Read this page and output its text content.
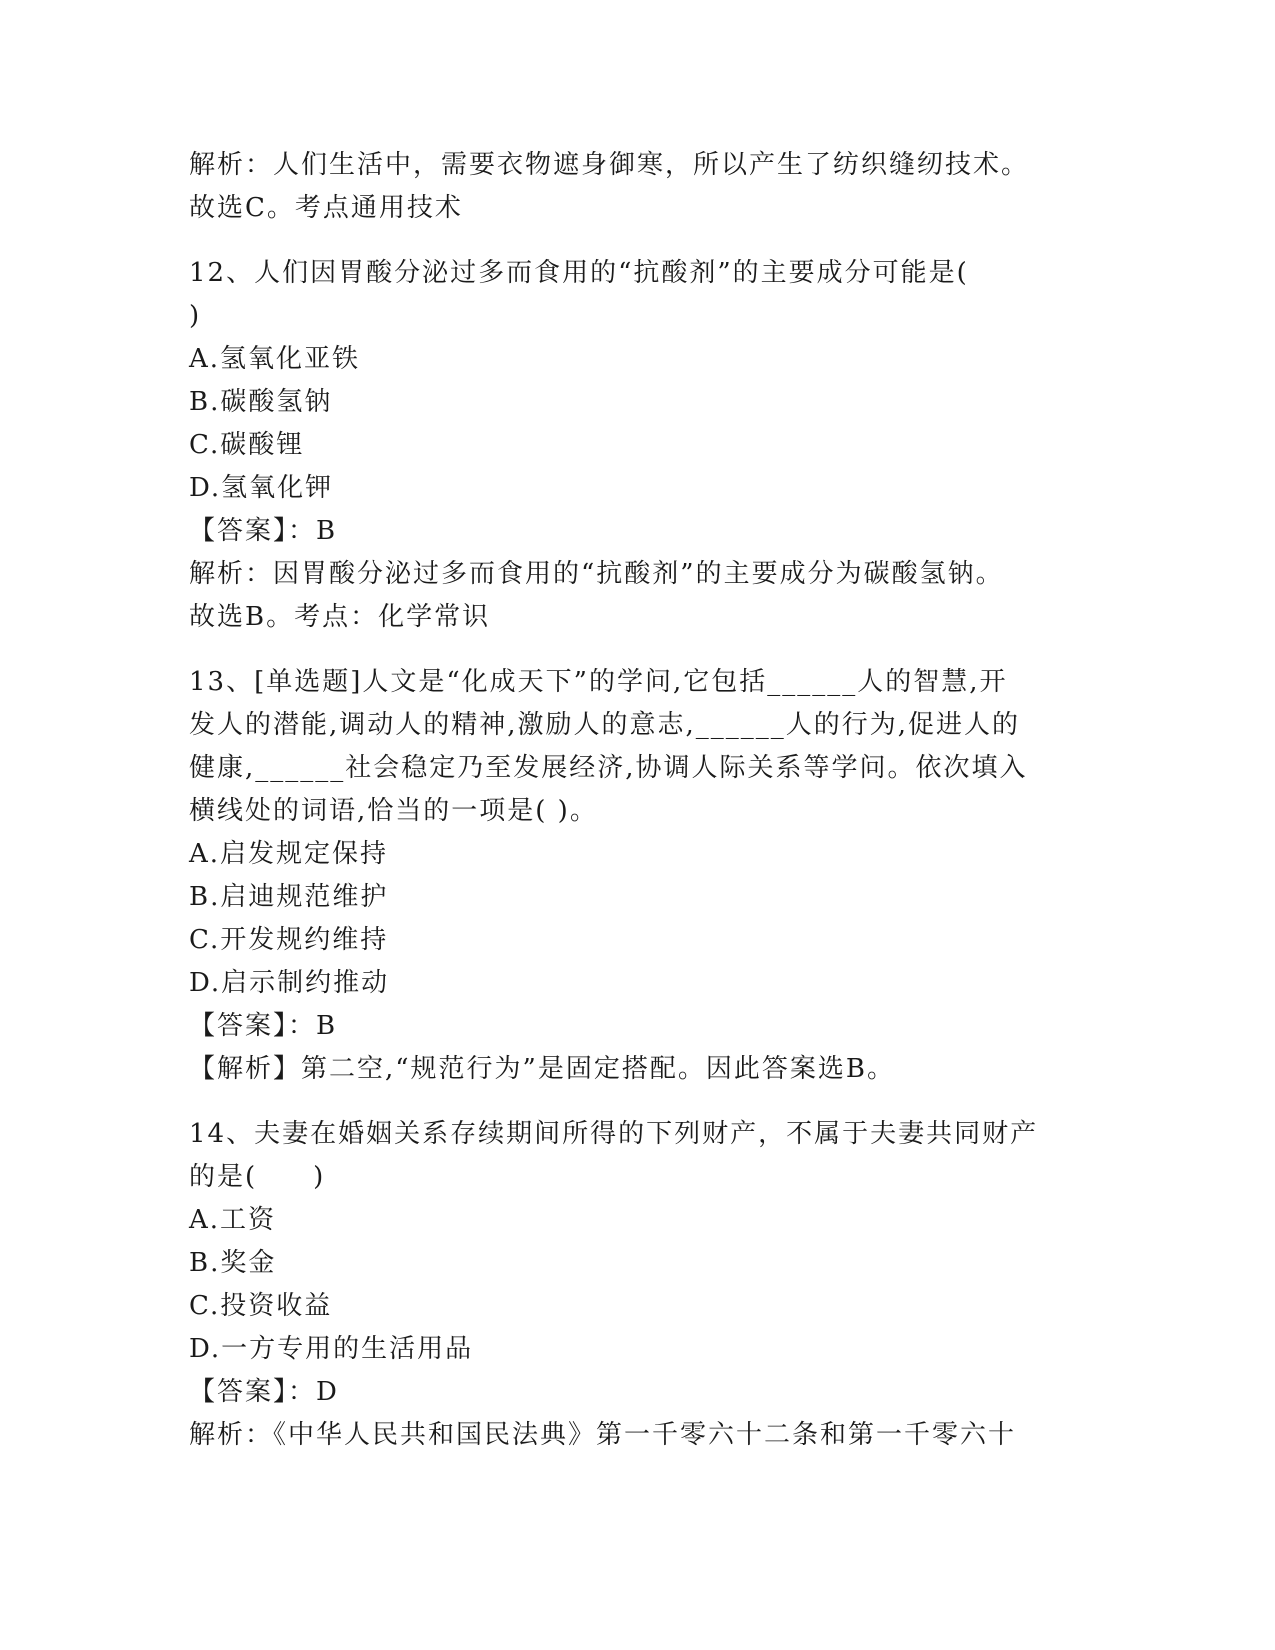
解析：人们生活中，需要衣物遮身御寒，所以产生了纺织缝纫技术。
故选C。考点通用技术
12、人们因胃酸分泌过多而食用的“抗酸剂”的主要成分可能是(
)
A.氢氧化亚铁
B.碳酸氢钠
C.碳酸锂
D.氢氧化钾
【答案】：B
解析：因胃酸分泌过多而食用的“抗酸剂”的主要成分为碳酸氢钠。
故选B。考点：化学常识
13、[单选题]人文是“化成天下”的学问,它包括______人的智慧,开
发人的潜能,调动人的精神,激励人的意志,______人的行为,促进人的
健康,______社会稳定乃至发展经济,协调人际关系等学问。依次填入
横线处的词语,恰当的一项是( )。
A.启发规定保持
B.启迪规范维护
C.开发规约维持
D.启示制约推动
【答案】：B
【解析】第二空,“规范行为”是固定搭配。因此答案选B。
14、夫妻在婚姻关系存续期间所得的下列财产，不属于夫妻共同财产
的是(　　)
A.工资
B.奖金
C.投资收益
D.一方专用的生活用品
【答案】：D
解析：《中华人民共和国民法典》第一千零六十二条和第一千零六十
